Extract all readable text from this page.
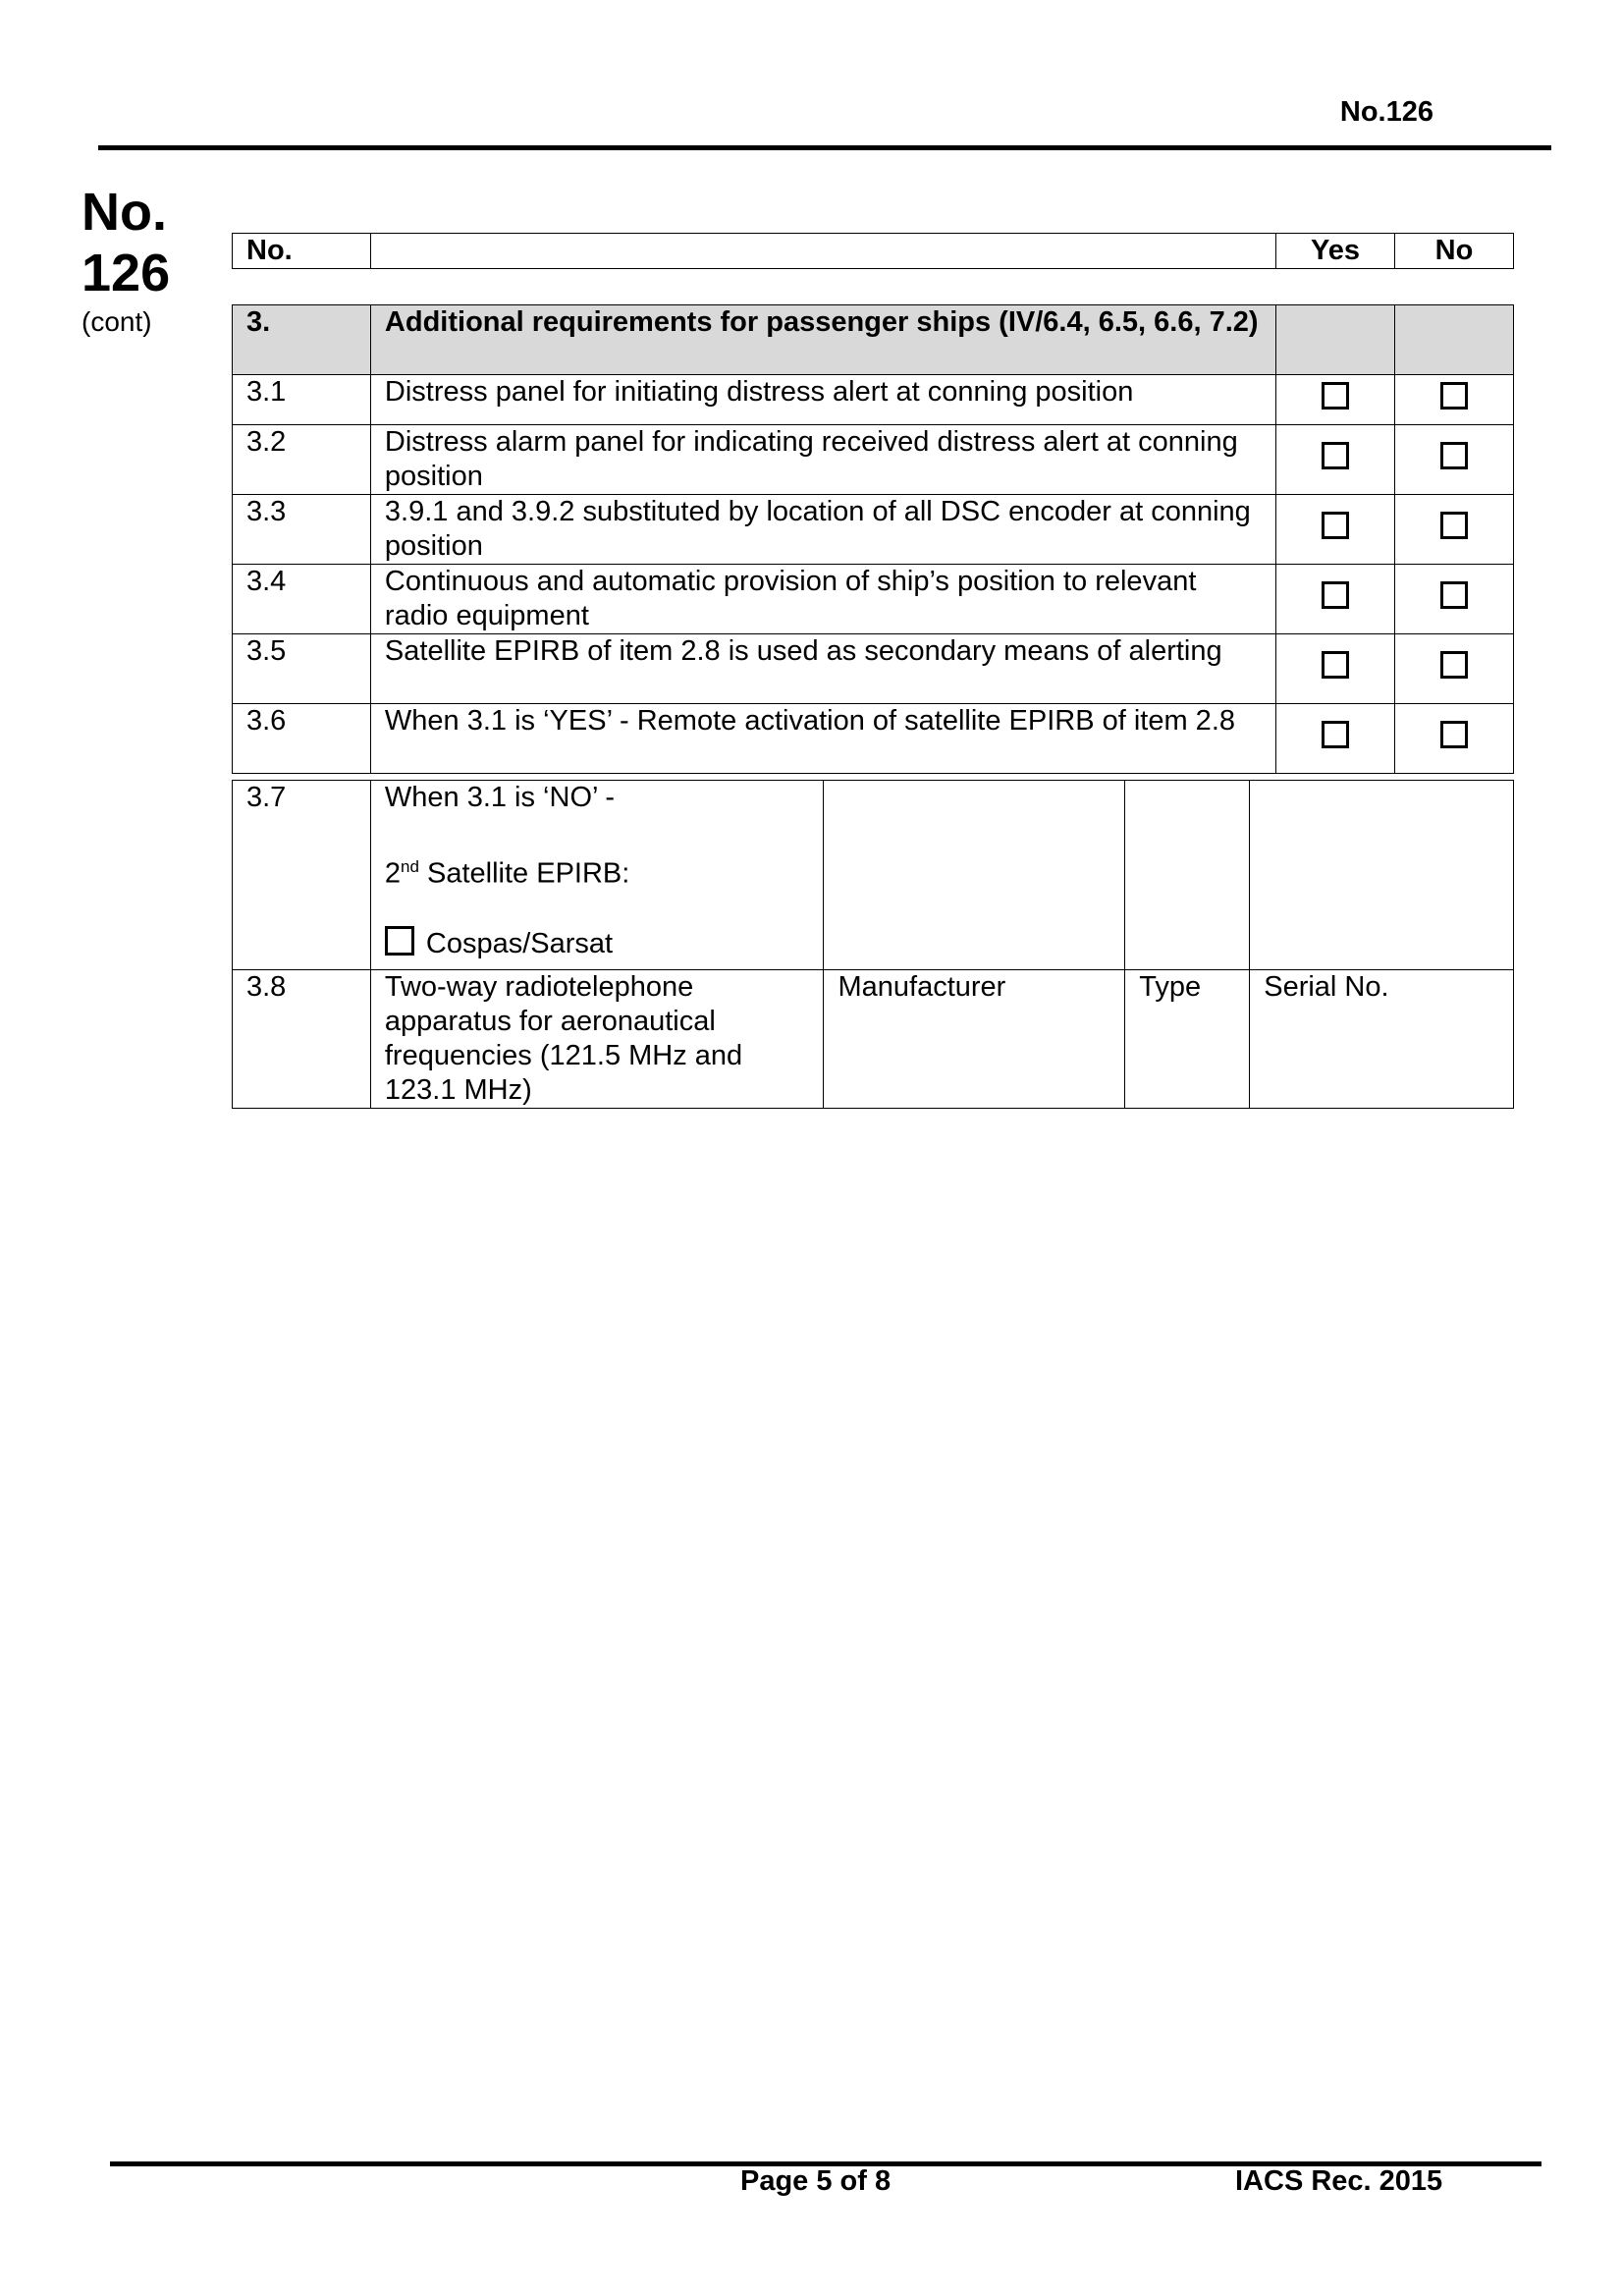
No.126
No.
126
(cont)
No.		Yes	No
3.	Additional requirements for passenger ships (IV/6.4, 6.5, 6.6, 7.2)		
3.1	Distress panel for initiating distress alert at conning position		
3.2	Distress alarm panel for indicating received distress alert at conning position		
3.3	3.9.1 and 3.9.2 substituted by location of all DSC encoder at conning position		
3.4	Continuous and automatic provision of ship’s position to relevant radio equipment		
3.5	Satellite EPIRB of item 2.8 is used as secondary means of alerting		
3.6	When 3.1 is ‘YES’ - Remote activation of satellite EPIRB of item 2.8		
3.7	When 3.1 is ‘NO’ -
2nd Satellite EPIRB:
Cospas/Sarsat			

3.8	Two-way radiotelephone apparatus for aeronautical frequencies (121.5 MHz and 123.1 MHz)	Manufacturer	Type	Serial No.
Page 5 of 8	IACS Rec. 2015
